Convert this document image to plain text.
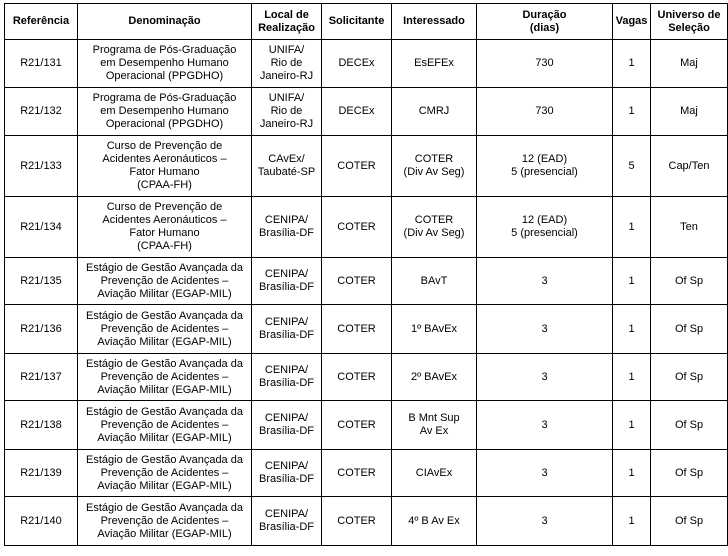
Referência	Denominação	Local de
Realização	Solicitante	Interessado	Duração
(dias)	Vagas	Universo de
Seleção
R21/131	Programa de Pós-Graduação
em Desempenho Humano
Operacional (PPGDHO)	UNIFA/
Rio de
Janeiro-RJ	DECEx	EsEFEx	730	1	Maj
R21/132	Programa de Pós-Graduação
em Desempenho Humano
Operacional (PPGDHO)	UNIFA/
Rio de
Janeiro-RJ	DECEx	CMRJ	730	1	Maj
R21/133	Curso de Prevenção de
Acidentes Aeronáuticos –
Fator Humano
(CPAA-FH)	CAvEx/
Taubaté-SP	COTER	COTER
(Div Av Seg)	12 (EAD)
5 (presencial)	5	Cap/Ten
R21/134	Curso de Prevenção de
Acidentes Aeronáuticos –
Fator Humano
(CPAA-FH)	CENIPA/
Brasília-DF	COTER	COTER
(Div Av Seg)	12 (EAD)
5 (presencial)	1	Ten
R21/135	Estágio de Gestão Avançada da
Prevenção de Acidentes –
Aviação Militar (EGAP-MIL)	CENIPA/
Brasília-DF	COTER	BAvT	3	1	Of Sp
R21/136	Estágio de Gestão Avançada da
Prevenção de Acidentes –
Aviação Militar (EGAP-MIL)	CENIPA/
Brasília-DF	COTER	1º BAvEx	3	1	Of Sp
R21/137	Estágio de Gestão Avançada da
Prevenção de Acidentes –
Aviação Militar (EGAP-MIL)	CENIPA/
Brasília-DF	COTER	2º BAvEx	3	1	Of Sp
R21/138	Estágio de Gestão Avançada da
Prevenção de Acidentes –
Aviação Militar (EGAP-MIL)	CENIPA/
Brasília-DF	COTER	B Mnt Sup
Av Ex	3	1	Of Sp
R21/139	Estágio de Gestão Avançada da
Prevenção de Acidentes –
Aviação Militar (EGAP-MIL)	CENIPA/
Brasília-DF	COTER	CIAvEx	3	1	Of Sp
R21/140	Estágio de Gestão Avançada da
Prevenção de Acidentes –
Aviação Militar (EGAP-MIL)	CENIPA/
Brasília-DF	COTER	4º B Av Ex	3	1	Of Sp
